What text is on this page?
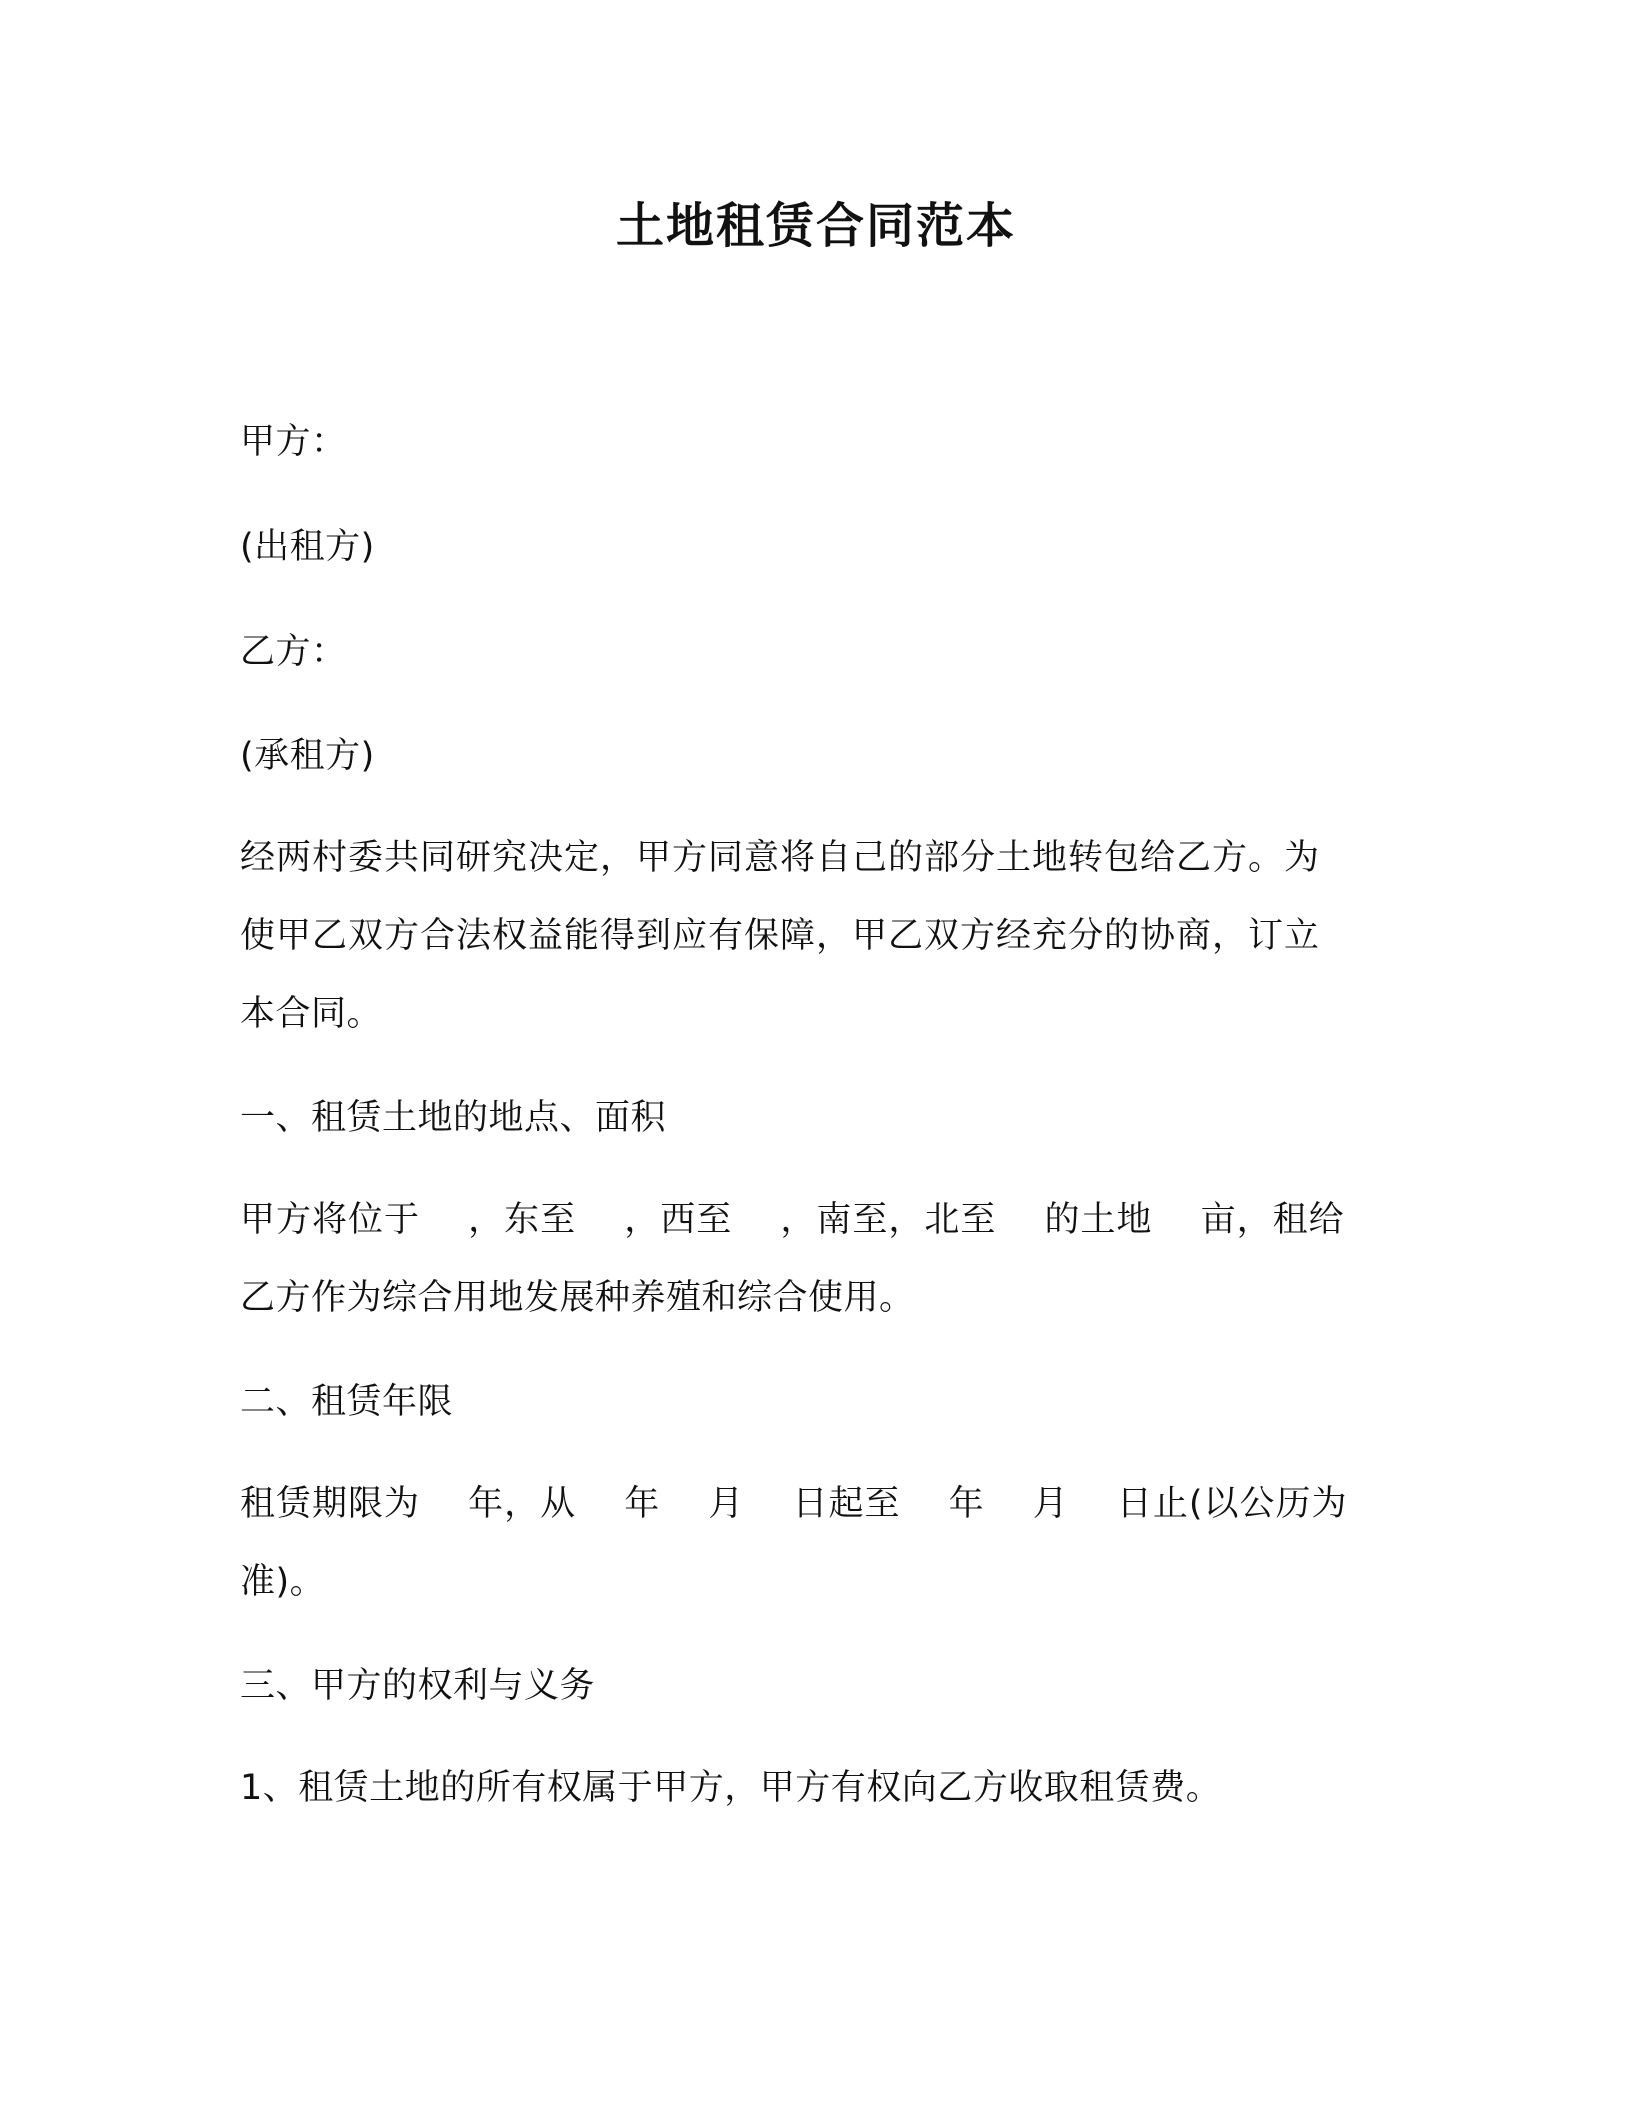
土地租赁合同范本
甲方：
(出租方)
乙方：
(承租方)
经两村委共同研究决定，甲方同意将自己的部分土地转包给乙方。为
使甲乙双方合法权益能得到应有保障，甲乙双方经充分的协商，订立
本合同。
一、租赁土地的地点、面积
甲方将位于　 ，东至　 ，西至　 ，南至，北至　 的土地　 亩，租给
乙方作为综合用地发展种养殖和综合使用。
二、租赁年限
租赁期限为　 年，从　 年　 月　 日起至　 年　 月　 日止(以公历为
准)。
三、甲方的权利与义务
1、租赁土地的所有权属于甲方，甲方有权向乙方收取租赁费。
